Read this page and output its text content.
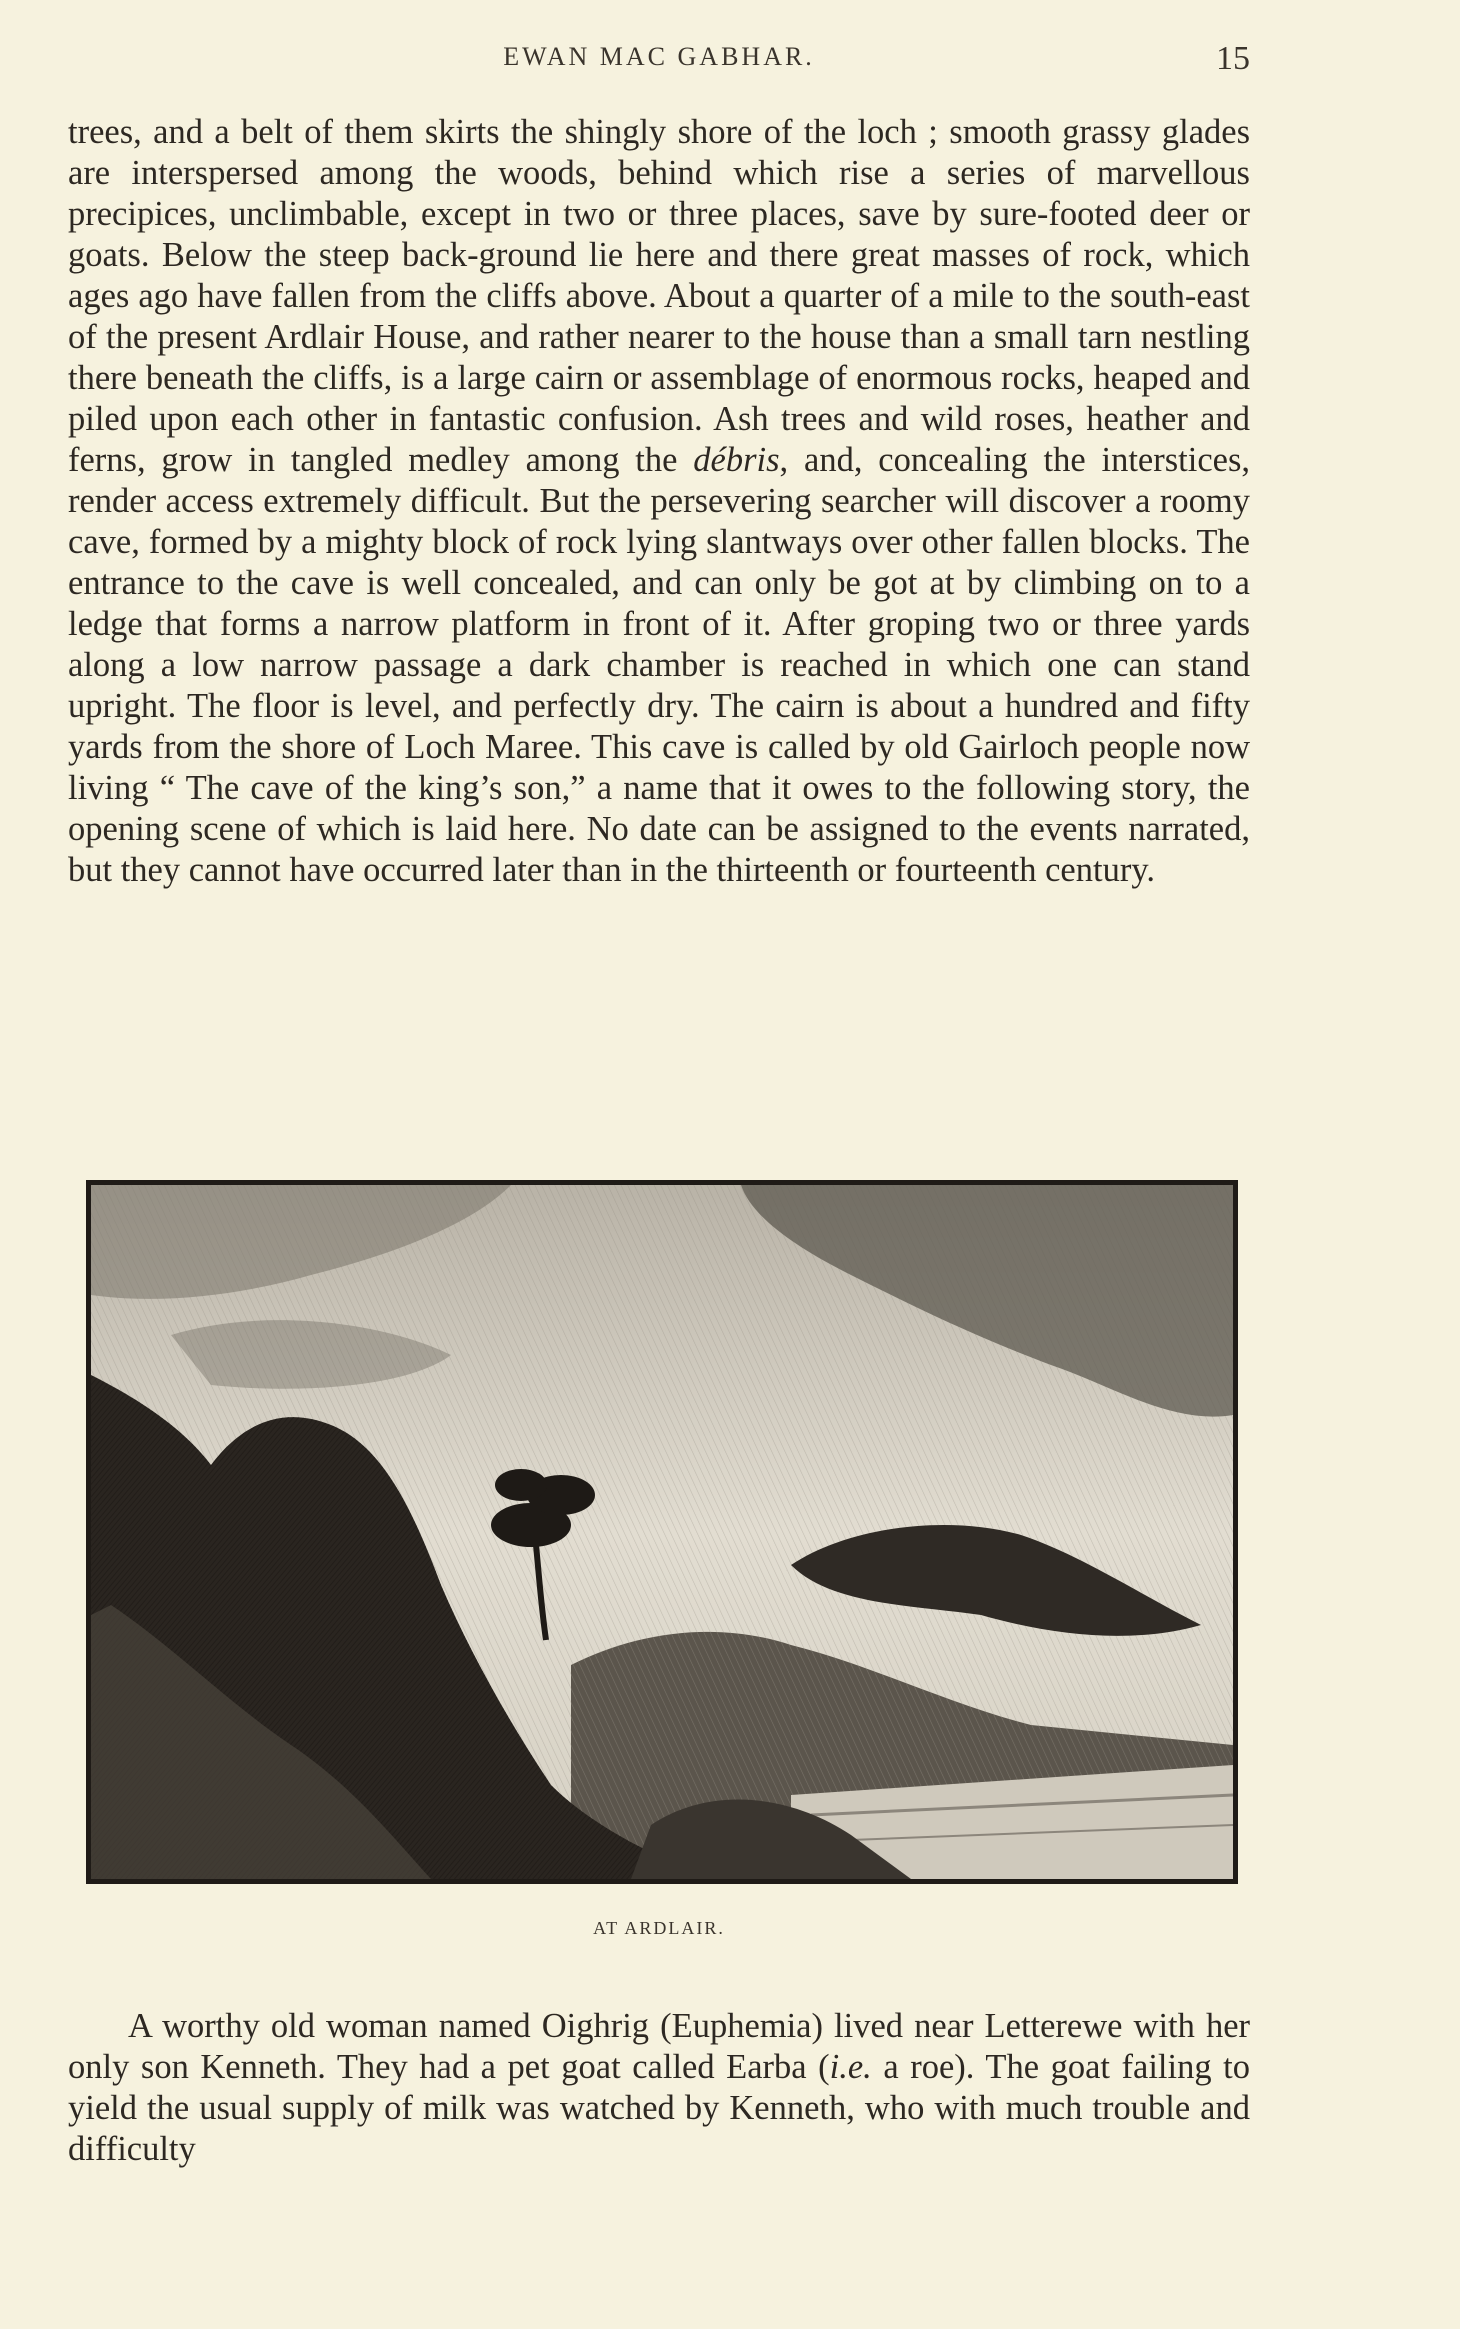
EWAN MAC GABHAR.	15

trees, and a belt of them skirts the shingly shore of the loch ; smooth grassy glades are interspersed among the woods, behind which rise a series of marvellous precipices, unclimbable, except in two or three places, save by sure-footed deer or goats. Below the steep back-ground lie here and there great masses of rock, which ages ago have fallen from the cliffs above. About a quarter of a mile to the south-east of the present Ardlair House, and rather nearer to the house than a small tarn nestling there beneath the cliffs, is a large cairn or assemblage of enormous rocks, heaped and piled upon each other in fantastic confusion. Ash trees and wild roses, heather and ferns, grow in tangled medley among the débris, and, concealing the interstices, render access extremely difficult. But the persevering searcher will discover a roomy cave, formed by a mighty block of rock lying slantways over other fallen blocks. The entrance to the cave is well concealed, and can only be got at by climbing on to a ledge that forms a narrow platform in front of it. After groping two or three yards along a low narrow passage a dark chamber is reached in which one can stand upright. The floor is level, and perfectly dry. The cairn is about a hundred and fifty yards from the shore of Loch Maree. This cave is called by old Gairloch people now living “ The cave of the king’s son,” a name that it owes to the following story, the opening scene of which is laid here. No date can be assigned to the events narrated, but they cannot have occurred later than in the thirteenth or fourteenth century.

AT ARDLAIR.

A worthy old woman named Oighrig (Euphemia) lived near Letterewe with her only son Kenneth. They had a pet goat called Earba (i.e. a roe). The goat failing to yield the usual supply of milk was watched by Kenneth, who with much trouble and difficulty
